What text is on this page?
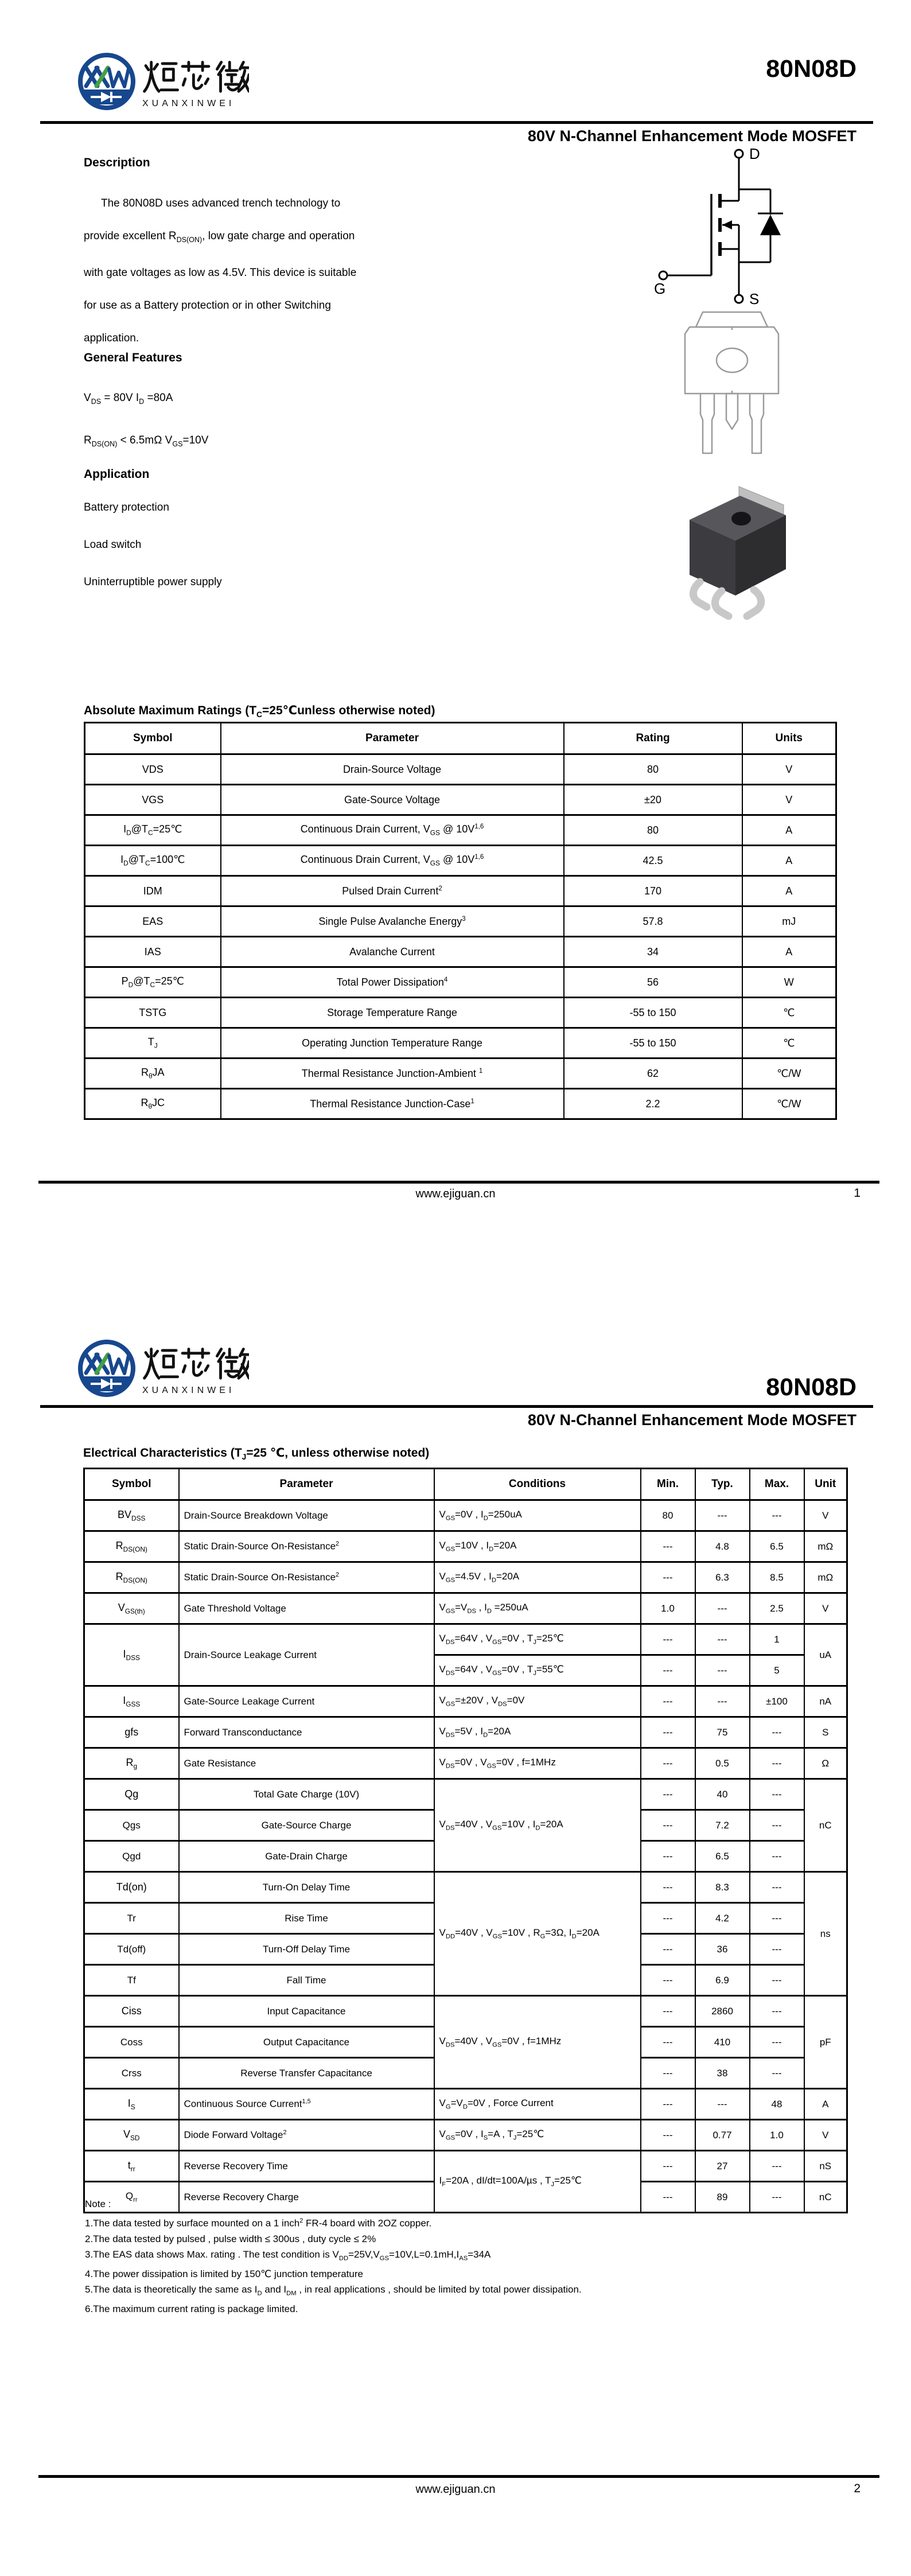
XUANXINWEI
80N08D
80V N-Channel Enhancement Mode MOSFET
Description
The 80N08D uses advanced trench technology to provide excellent $R_{DS(ON)}$, low gate charge and operation with gate voltages as low as 4.5V. This device is suitable for use as a Battery protection or in other Switching application.
General Features
$V_{DS} = 80V$ $I_D =80A$
$R_{DS(ON)} < 6.5m\Omega$ $V_{GS}=10V$
Application
Battery protection
Load switch
Uninterruptible power supply
D
G
S
Absolute Maximum Ratings ($T_C=25℃unless$ otherwise noted)
Symbol	Parameter	Rating	Units
VDS	Drain-Source Voltage	80	V
VGS	Gate-Source Voltage	±20	V
$I_D@T_C=25℃$	Continuous Drain Current, $V_{GS}$ @ $10V^{1,6}$	80	A
$I_D@T_C=100℃$	Continuous Drain Current, $V_{GS}$ @ $10V^{1,6}$	42.5	A
IDM	Pulsed Drain Current$^2$	170	A
EAS	Single Pulse Avalanche Energy$^3$	57.8	mJ
IAS	Avalanche Current	34	A
$P_D@T_C=25℃$	Total Power Dissipation$^4$	56	W
TSTG	Storage Temperature Range	-55 to 150	℃
$T_J$	Operating Junction Temperature Range	-55 to 150	℃
$R_\theta JA$	Thermal Resistance Junction-Ambient $^1$	62	℃/W
$R_\theta JC$	Thermal Resistance Junction-Case$^1$	2.2	℃/W
www.ejiguan.cn	1
XUANXINWEI	80N08D
80V N-Channel Enhancement Mode MOSFET
Electrical Characteristics ($T_J=25$ ℃, unless otherwise noted)
Symbol	Parameter	Conditions	Min.	Typ.	Max.	Unit
$BV_{DSS}$	Drain-Source Breakdown Voltage	$V_{GS}=0V$ , $I_D=250uA$	80	---	---	V
$R_{DS(ON)}$	Static Drain-Source On-Resistance$^2$	$V_{GS}=10V$ , $I_D=20A$	---	4.8	6.5	mΩ
$R_{DS(ON)}$	Static Drain-Source On-Resistance$^2$	$V_{GS}=4.5V$ , $I_D=20A$	---	6.3	8.5	mΩ
$V_{GS(th)}$	Gate Threshold Voltage	$V_{GS}=V_{DS}$ , $I_D =250uA$	1.0	---	2.5	V
$I_{DSS}$	Drain-Source Leakage Current	$V_{DS}=64V$ , $V_{GS}=0V$ , $T_J=25℃$	---	---	1	uA
		$V_{DS}=64V$ , $V_{GS}=0V$ , $T_J=55℃$	---	---	5	
$I_{GSS}$	Gate-Source Leakage Current	$V_{GS}=\pm 20V$ , $V_{DS}=0V$	---	---	±100	nA
gfs	Forward Transconductance	$V_{DS}=5V$ , $I_D=20A$	---	75	---	S
$R_g$	Gate Resistance	$V_{DS}=0V$ , $V_{GS}=0V$ , f=1MHz	---	0.5	---	Ω
Qg	Total Gate Charge (10V)	$V_{DS}=40V$ , $V_{GS}=10V$ , $I_D=20A$	---	40	---	nC
Qgs	Gate-Source Charge		---	7.2	---	
Qgd	Gate-Drain Charge		---	6.5	---	
Td(on)	Turn-On Delay Time	$V_{DD}=40V$ , $V_{GS}=10V$ , $R_G=3\Omega$, $I_D=20A$	---	8.3	---	ns
Tr	Rise Time		---	4.2	---	
Td(off)	Turn-Off Delay Time		---	36	---	
Tf	Fall Time		---	6.9	---	
Ciss	Input Capacitance	$V_{DS}=40V$ , $V_{GS}=0V$ , f=1MHz	---	2860	---	pF
Coss	Output Capacitance		---	410	---	
Crss	Reverse Transfer Capacitance		---	38	---	
$I_S$	Continuous Source Current$^{1,5}$	$V_G=V_D=0V$ , Force Current	---	---	48	A
$V_{SD}$	Diode Forward Voltage$^2$	$V_{GS}=0V$ , $I_S=A$ , $T_J=25℃$	---	0.77	1.0	V
$t_{rr}$	Reverse Recovery Time	$I_F=20A$ , dI/dt=100A/µs , $T_J=25℃$	---	27	---	nS
$Q_{rr}$	Reverse Recovery Charge		---	89	---	nC
Note :
1.The data tested by surface mounted on a 1 inch$^2$ FR-4 board with 2OZ copper.
2.The data tested by pulsed , pulse width ≤ 300us , duty cycle ≤ 2%
3.The EAS data shows Max. rating . The test condition is $V_{DD}=25V,V_{GS}=10V,L=0.1mH,I_{AS}=34A$
4.The power dissipation is limited by 150℃ junction temperature
5.The data is theoretically the same as $I_D$ and $I_{DM}$ , in real applications , should be limited by total power dissipation.
6.The maximum current rating is package limited.
www.ejiguan.cn	2
